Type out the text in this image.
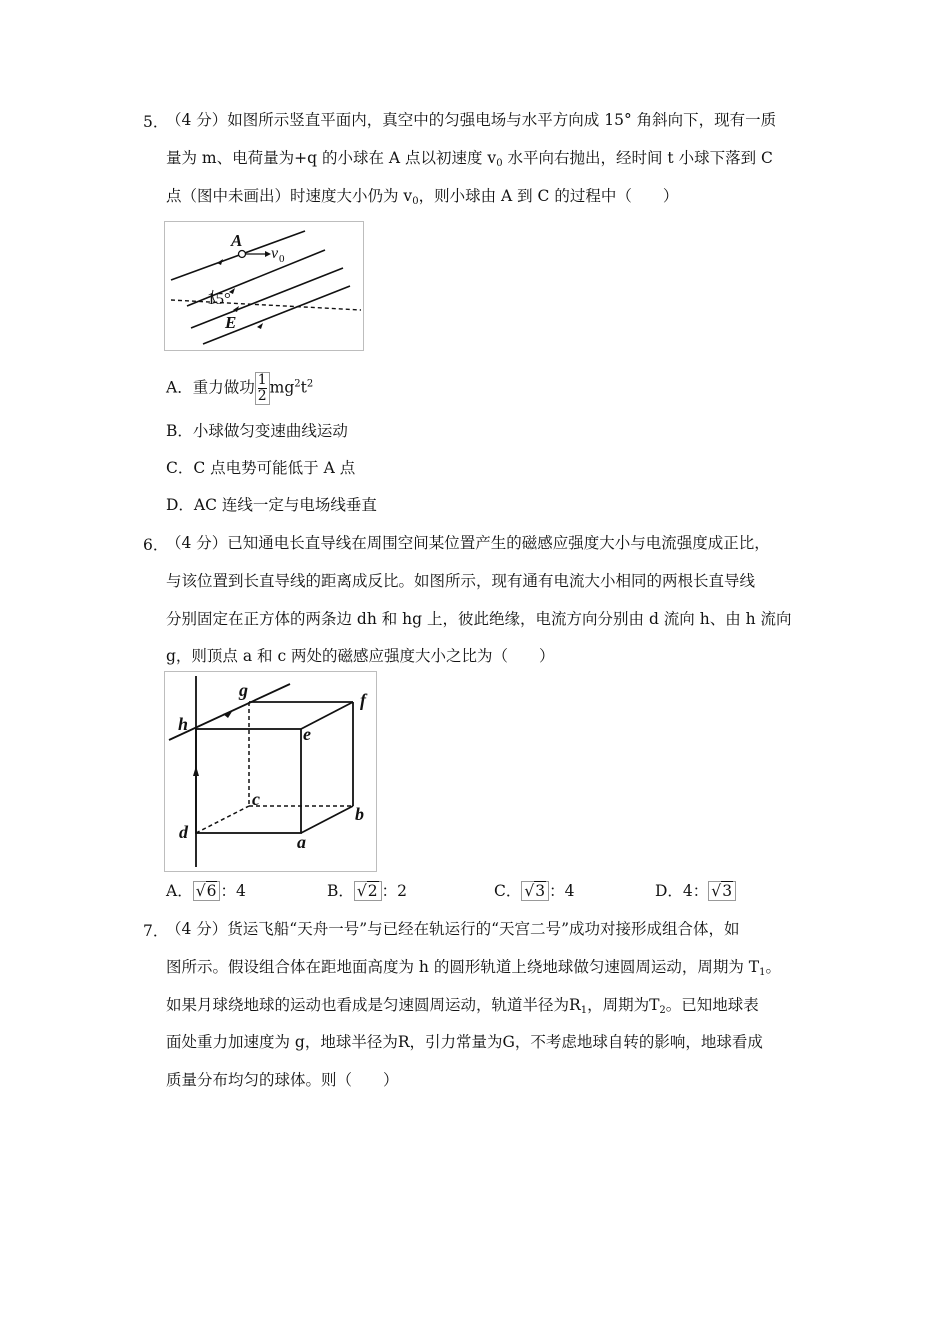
5．
（4 分）如图所示竖直平面内，真空中的匀强电场与水平方向成 15° 角斜向下，现有一质
量为 m、电荷量为+q 的小球在 A 点以初速度 $v_0$ 水平向右抛出，经时间 t 小球下落到 C
点（图中未画出）时速度大小仍为 $v_0$，则小球由 A 到 C 的过程中（　　）
A
v 0
15°
E
A．重力做功 $\frac{1}{2} mg^2t^2$
B．小球做匀变速曲线运动
C．C 点电势可能低于 A 点
D．AC 连线一定与电场线垂直
6．
（4 分）已知通电长直导线在周围空间某位置产生的磁感应强度大小与电流强度成正比，
与该位置到长直导线的距离成反比。如图所示，现有通有电流大小相同的两根长直导线
分别固定在正方体的两条边 dh 和 hg 上，彼此绝缘，电流方向分别由 d 流向 h、由 h 流向
g，则顶点 a 和 c 两处的磁感应强度大小之比为（　　）
g	f
h	e
c
b
d	a
A． √6 ：4	B． √2 ：2	C． √3 ：4	D．4： √3
7．
（4 分）货运飞船“天舟一号”与已经在轨运行的“天宫二号”成功对接形成组合体，如
图所示。假设组合体在距地面高度为 h 的圆形轨道上绕地球做匀速圆周运动，周期为 $T_1$。
如果月球绕地球的运动也看成是匀速圆周运动，轨道半径为$R_1$，周期为$T_2$。已知地球表
面处重力加速度为 g，地球半径为R，引力常量为G，不考虑地球自转的影响，地球看成
质量分布均匀的球体。则（　　）
